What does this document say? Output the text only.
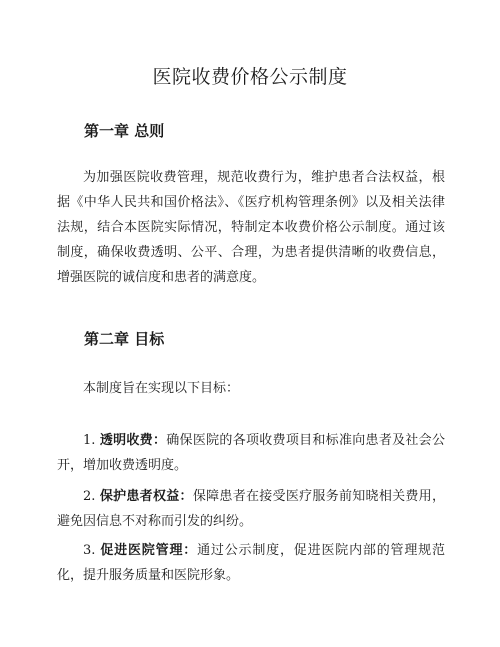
医院收费价格公示制度
第一章 总则

为加强医院收费管理，规范收费行为，维护患者合法权益，根据《中华人民共和国价格法》、《医疗机构管理条例》以及相关法律法规，结合本医院实际情况，特制定本收费价格公示制度。通过该制度，确保收费透明、公平、合理，为患者提供清晰的收费信息，增强医院的诚信度和患者的满意度。

第二章 目标

本制度旨在实现以下目标：

1. 透明收费：确保医院的各项收费项目和标准向患者及社会公开，增加收费透明度。

2. 保护患者权益：保障患者在接受医疗服务前知晓相关费用，避免因信息不对称而引发的纠纷。

3. 促进医院管理：通过公示制度，促进医院内部的管理规范化，提升服务质量和医院形象。
